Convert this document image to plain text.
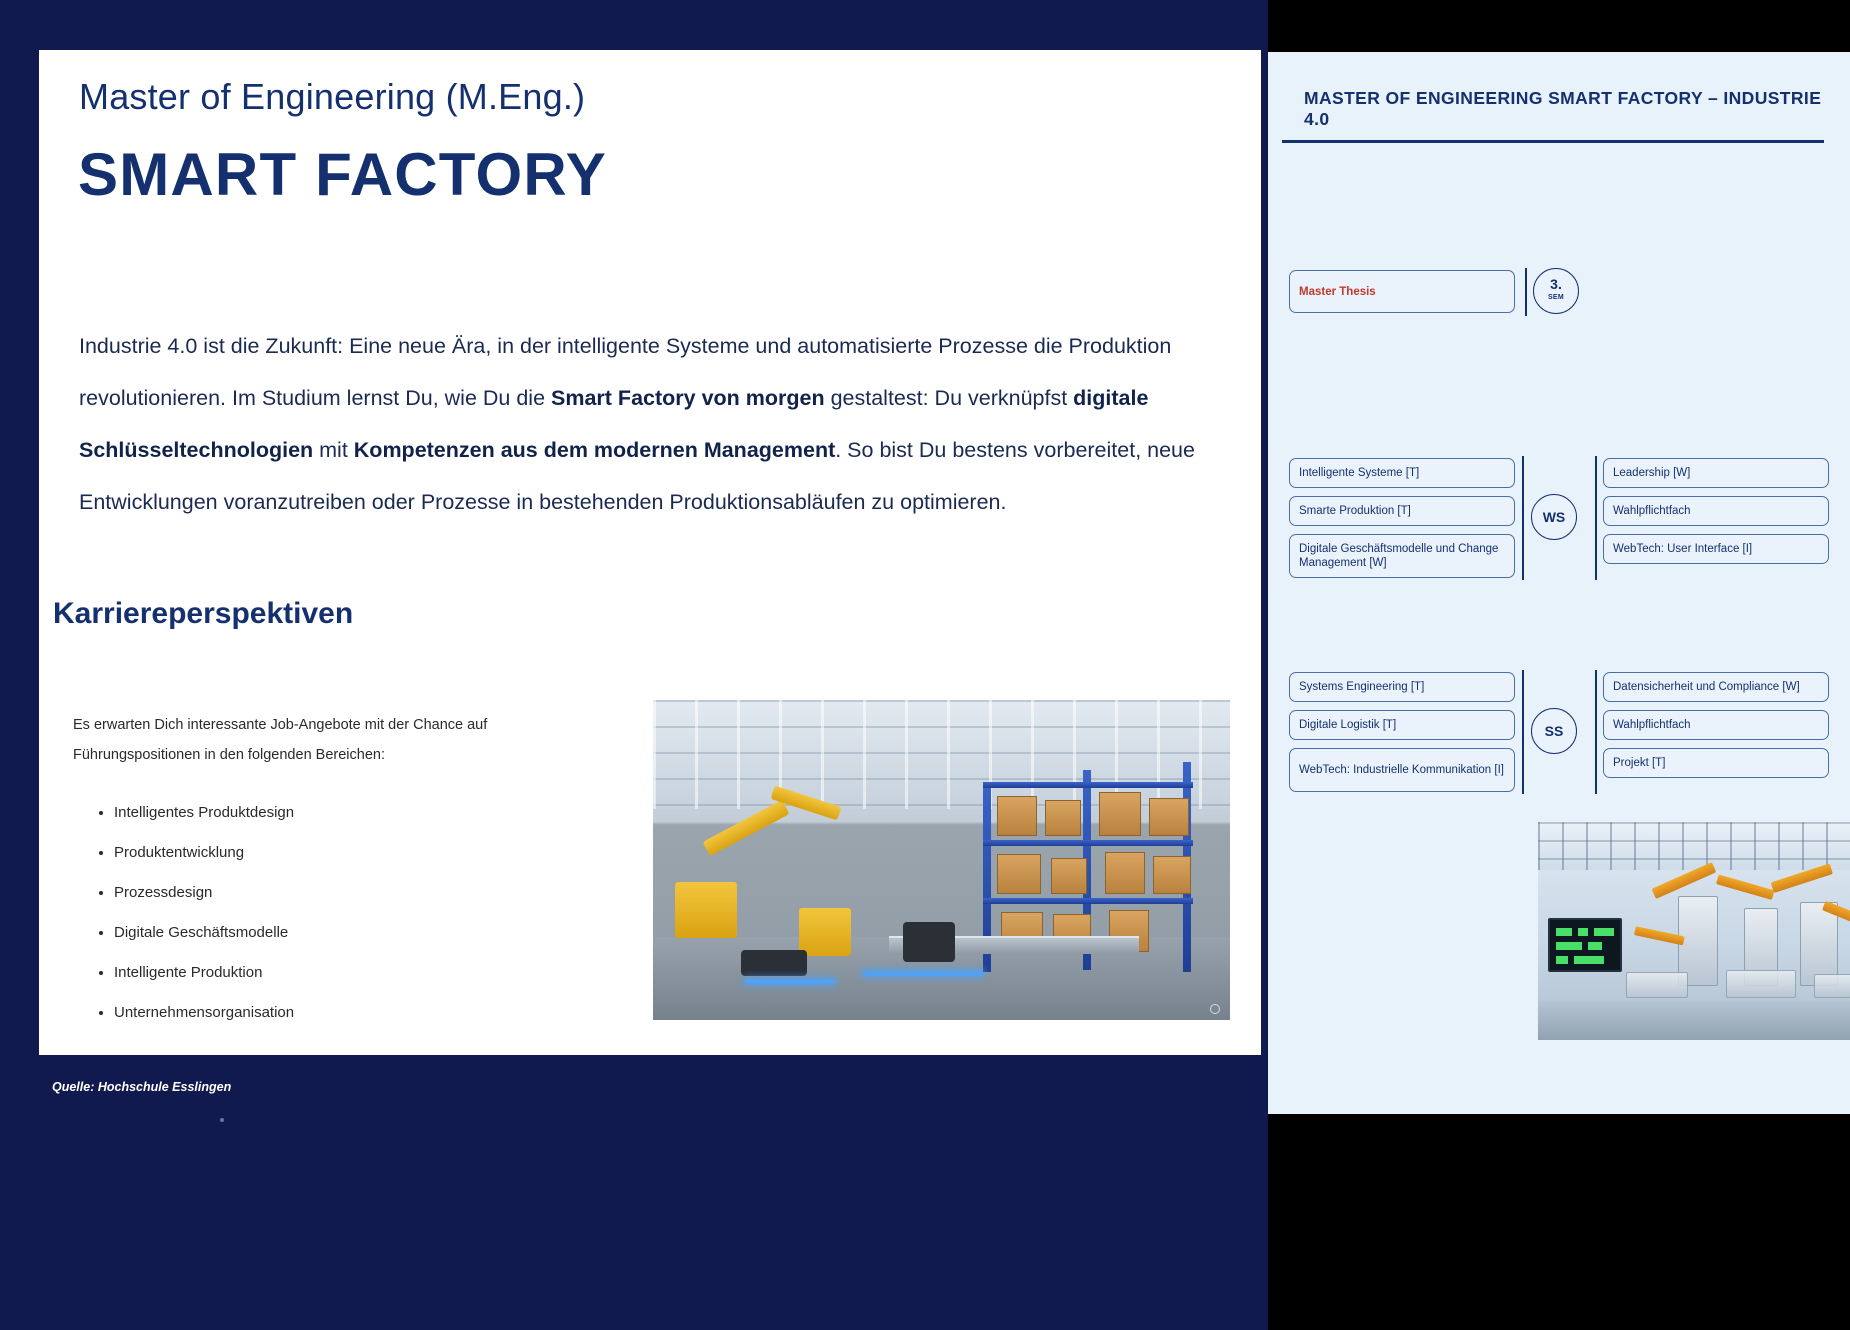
Master of Engineering (M.Eng.)
SMART FACTORY
Industrie 4.0 ist die Zukunft: Eine neue Ära, in der intelligente Systeme und automatisierte Prozesse die Produktion revolutionieren. Im Studium lernst Du, wie Du die Smart Factory von morgen gestaltest: Du verknüpfst digitale Schlüsseltechnologien mit Kompetenzen aus dem modernen Management. So bist Du bestens vorbereitet, neue Entwicklungen voranzutreiben oder Prozesse in bestehenden Produktionsabläufen zu optimieren.
Karriereperspektiven
Es erwarten Dich interessante Job-Angebote mit der Chance auf Führungspositionen in den folgenden Bereichen:
• Intelligentes Produktdesign
• Produktentwicklung
• Prozessdesign
• Digitale Geschäftsmodelle
• Intelligente Produktion
• Unternehmensorganisation
Quelle: Hochschule Esslingen
MASTER OF ENGINEERING SMART FACTORY – INDUSTRIE 4.0
Master Thesis	3.
SEM
Intelligente Systeme [T]
Smarte Produktion [T]
Digitale Geschäftsmodelle und Change Management [W]
WS
Leadership [W]
Wahlpflichtfach
WebTech: User Interface [I]
Systems Engineering [T]
Digitale Logistik [T]
WebTech: Industrielle Kommunikation [I]
SS
Datensicherheit und Compliance [W]
Wahlpflichtfach
Projekt [T]
